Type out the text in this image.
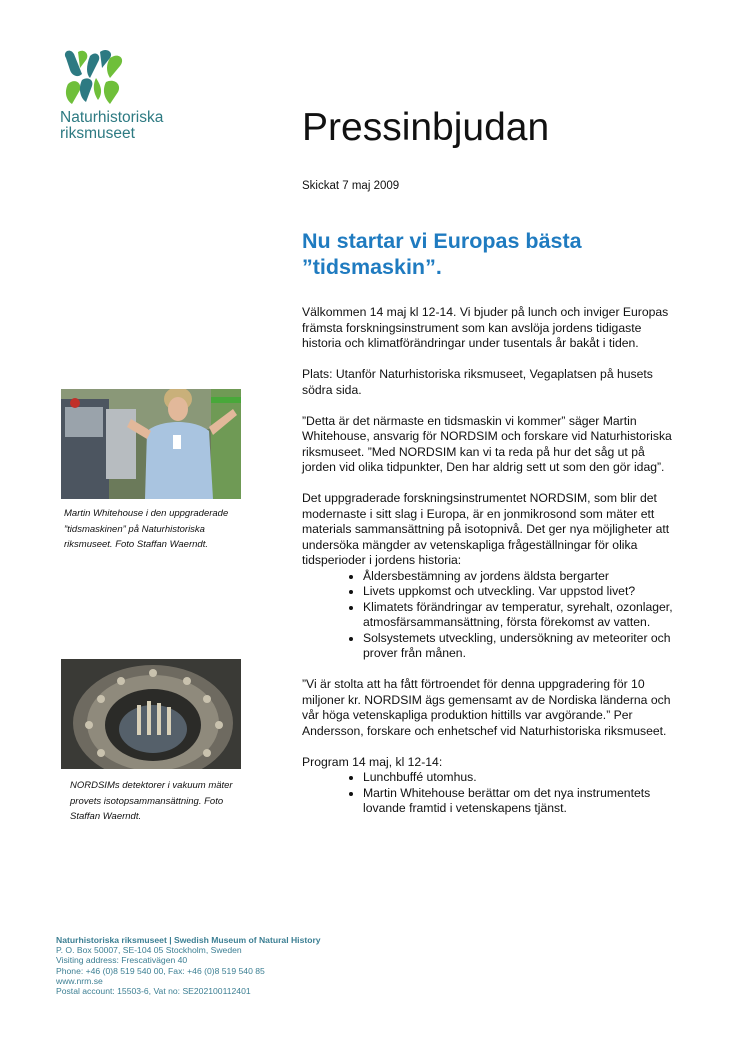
Naturhistoriska
riksmuseet	Pressinbjudan
Skickat 7 maj 2009
Nu startar vi Europas bästa ”tidsmaskin”.
Martin Whitehouse i den uppgraderade ”tidsmaskinen” på Naturhistoriska riksmuseet. Foto Staffan Waerndt.
NORDSIMs detektorer i vakuum mäter provets isotopsammansättning. Foto Staffan Waerndt.

Välkommen 14 maj kl 12-14. Vi bjuder på lunch och inviger Europas främsta forskningsinstrument som kan avslöja jordens tidigaste historia och klimatförändringar under tusentals år bakåt i tiden.

Plats: Utanför Naturhistoriska riksmuseet, Vegaplatsen på husets södra sida.

”Detta är det närmaste en tidsmaskin vi kommer” säger Martin Whitehouse, ansvarig för NORDSIM och forskare vid Naturhistoriska riksmuseet. ”Med NORDSIM kan vi ta reda på hur det såg ut på jorden vid olika tidpunkter, Den har aldrig sett ut som den gör idag”.

Det uppgraderade forskningsinstrumentet NORDSIM, som blir det modernaste i sitt slag i Europa, är en jonmikrosond som mäter ett materials sammansättning på isotopnivå. Det ger nya möjligheter att undersöka mängder av vetenskapliga frågeställningar för olika tidsperioder i jordens historia:

• Åldersbestämning av jordens äldsta bergarter
• Livets uppkomst och utveckling. Var uppstod livet?
• Klimatets förändringar av temperatur, syrehalt, ozonlager, atmosfärsammansättning, första förekomst av vatten.
• Solsystemets utveckling, undersökning av meteoriter och prover från månen.

”Vi är stolta att ha fått förtroendet för denna uppgradering för 10 miljoner kr. NORDSIM ägs gemensamt av de Nordiska länderna och vår höga vetenskapliga produktion hittills var avgörande.” Per Andersson, forskare och enhetschef vid Naturhistoriska riksmuseet.

Program 14 maj, kl 12-14:
• Lunchbuffé utomhus.
• Martin Whitehouse berättar om det nya instrumentets lovande framtid i vetenskapens tjänst.
Naturhistoriska riksmuseet | Swedish Museum of Natural History
P. O. Box 50007, SE-104 05 Stockholm, Sweden
Visiting address: Frescativägen 40
Phone: +46 (0)8 519 540 00, Fax: +46 (0)8 519 540 85
www.nrm.se
Postal account: 15503-6, Vat no: SE202100112401
